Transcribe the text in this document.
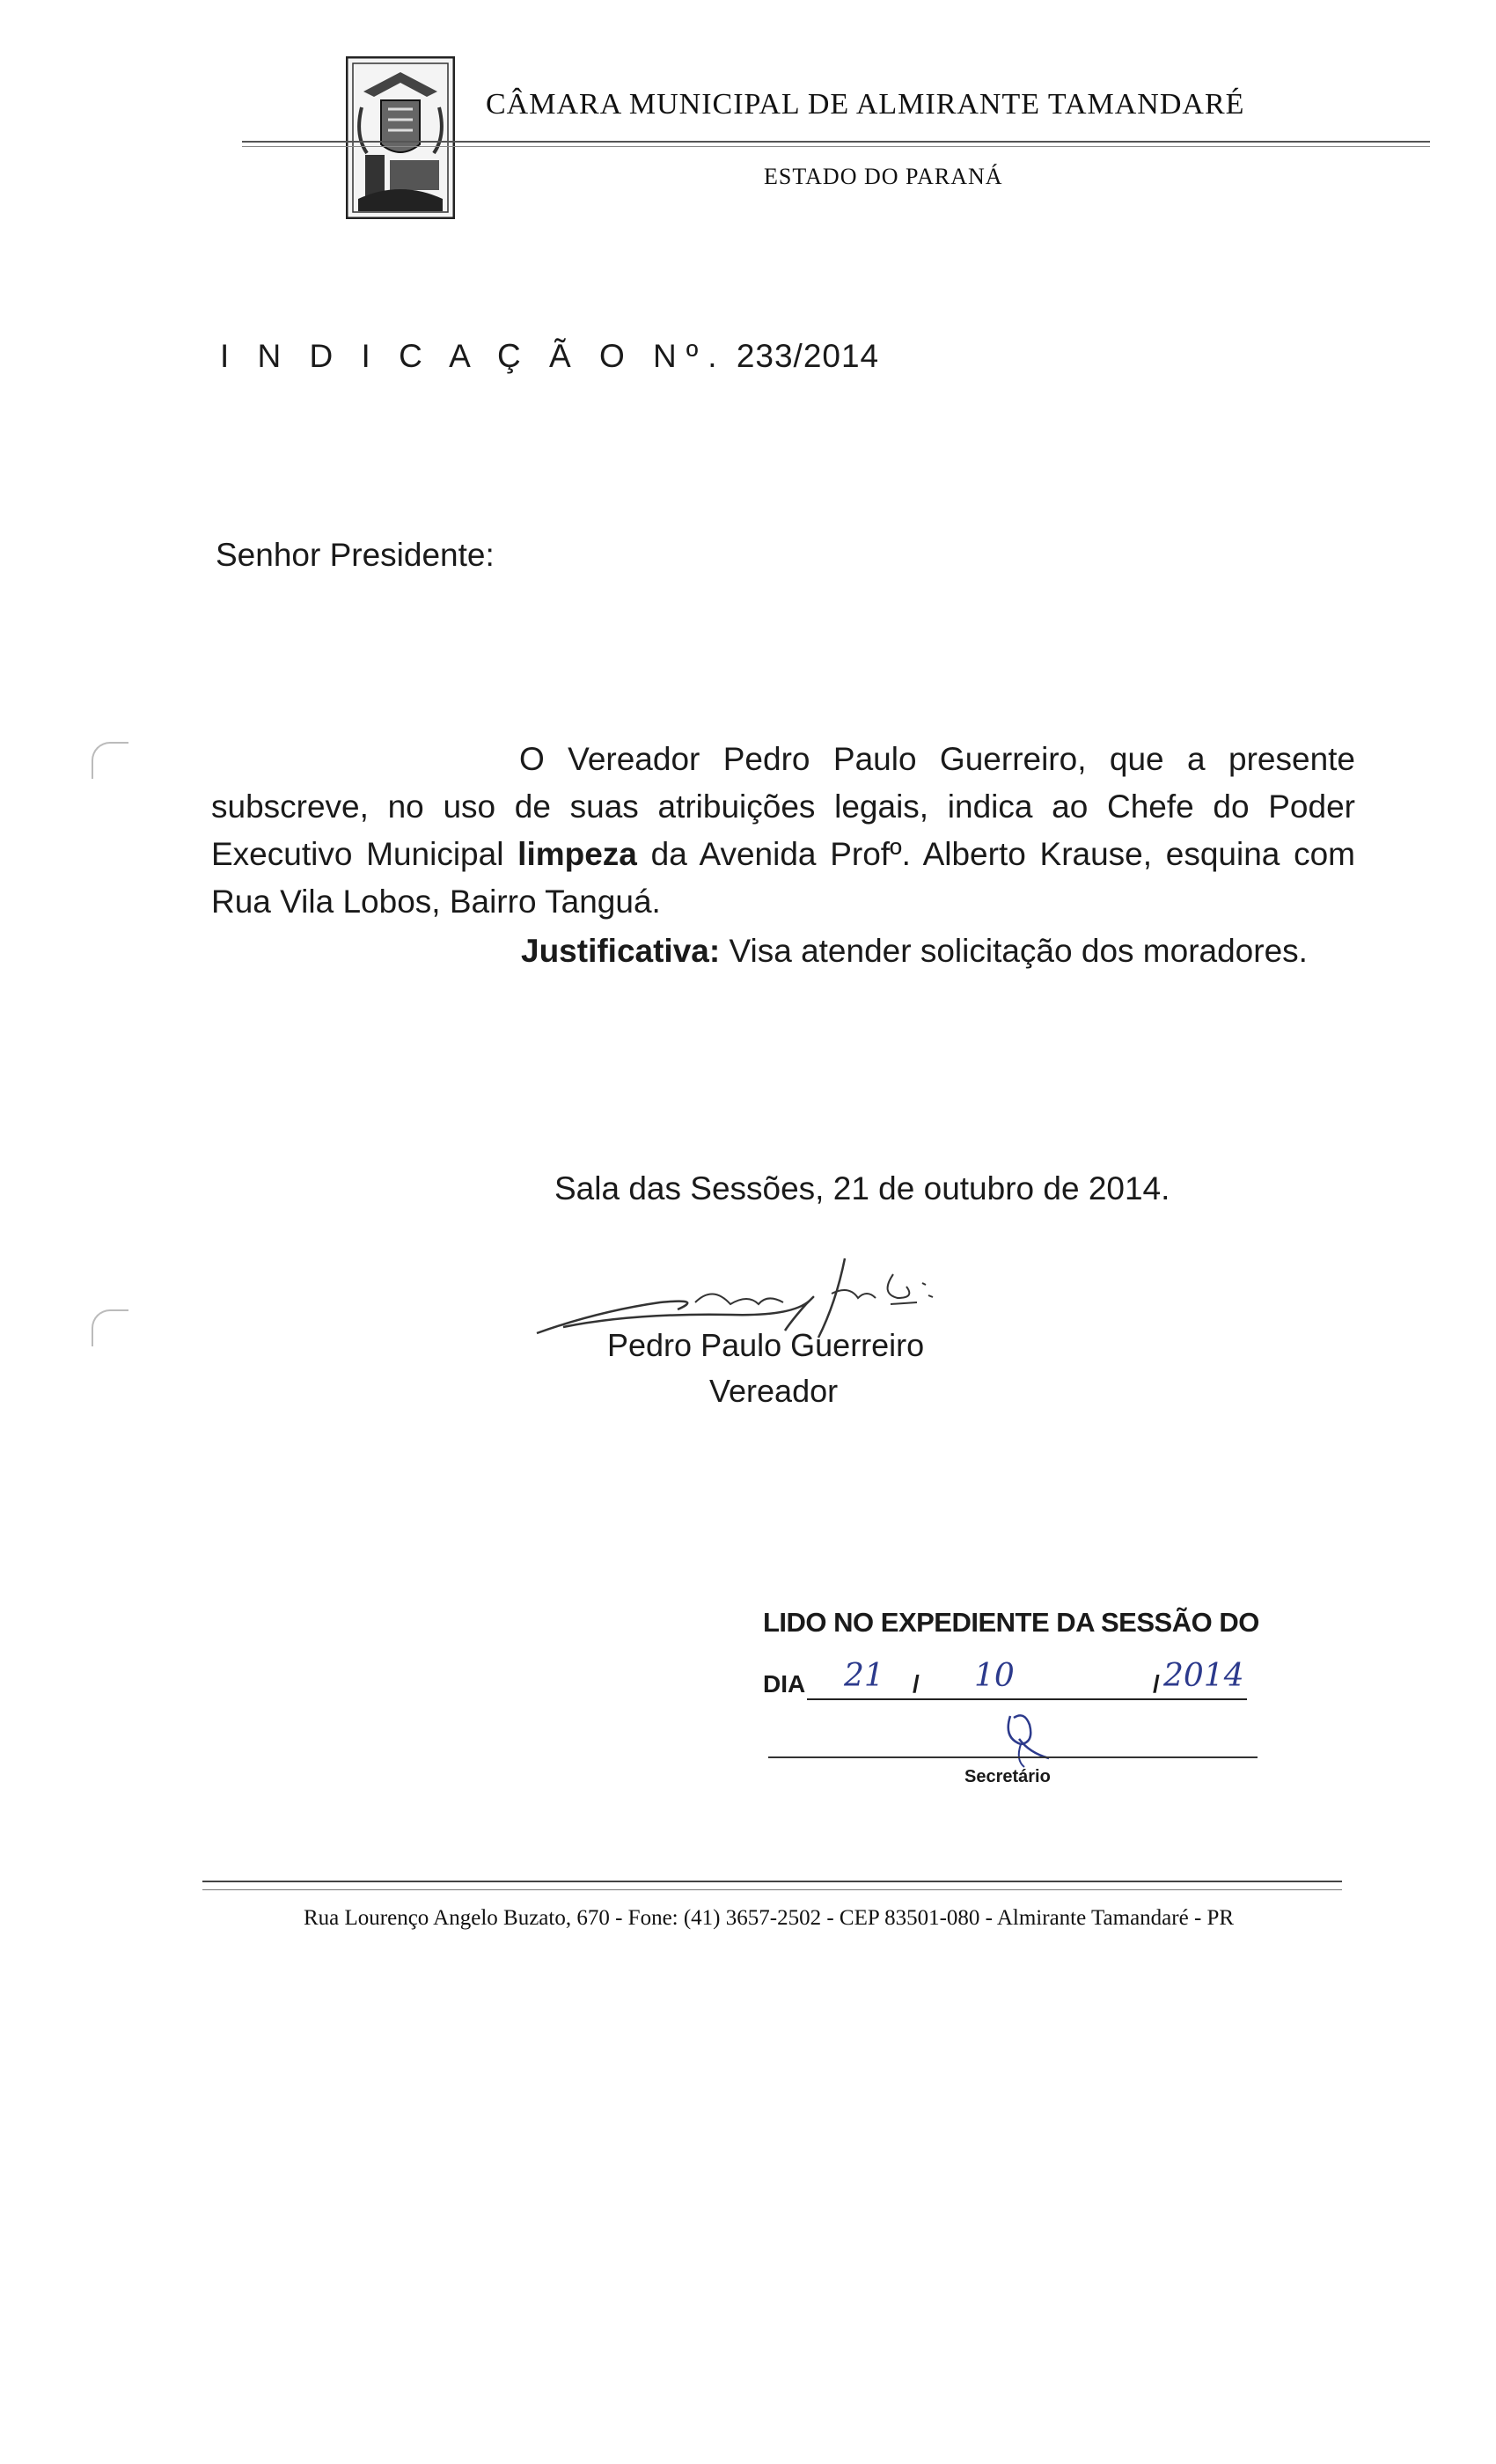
CÂMARA MUNICIPAL DE ALMIRANTE TAMANDARÉ
ESTADO DO PARANÁ
I N D I C A Ç Ã O Nº. 233/2014
Senhor Presidente:
O Vereador Pedro Paulo Guerreiro, que a presente subscreve, no uso de suas atribuições legais, indica ao Chefe do Poder Executivo Municipal limpeza da Avenida Profº. Alberto Krause, esquina com Rua Vila Lobos, Bairro Tanguá.
Justificativa: Visa atender solicitação dos moradores.
Sala das Sessões, 21 de outubro de 2014.
Pedro Paulo Guerreiro
Vereador
LIDO NO EXPEDIENTE DA SESSÃO DO
DIA 21 / 10	/ 2014
Secretário
Rua Lourenço Angelo Buzato, 670 - Fone: (41) 3657-2502 - CEP 83501-080 - Almirante Tamandaré - PR
